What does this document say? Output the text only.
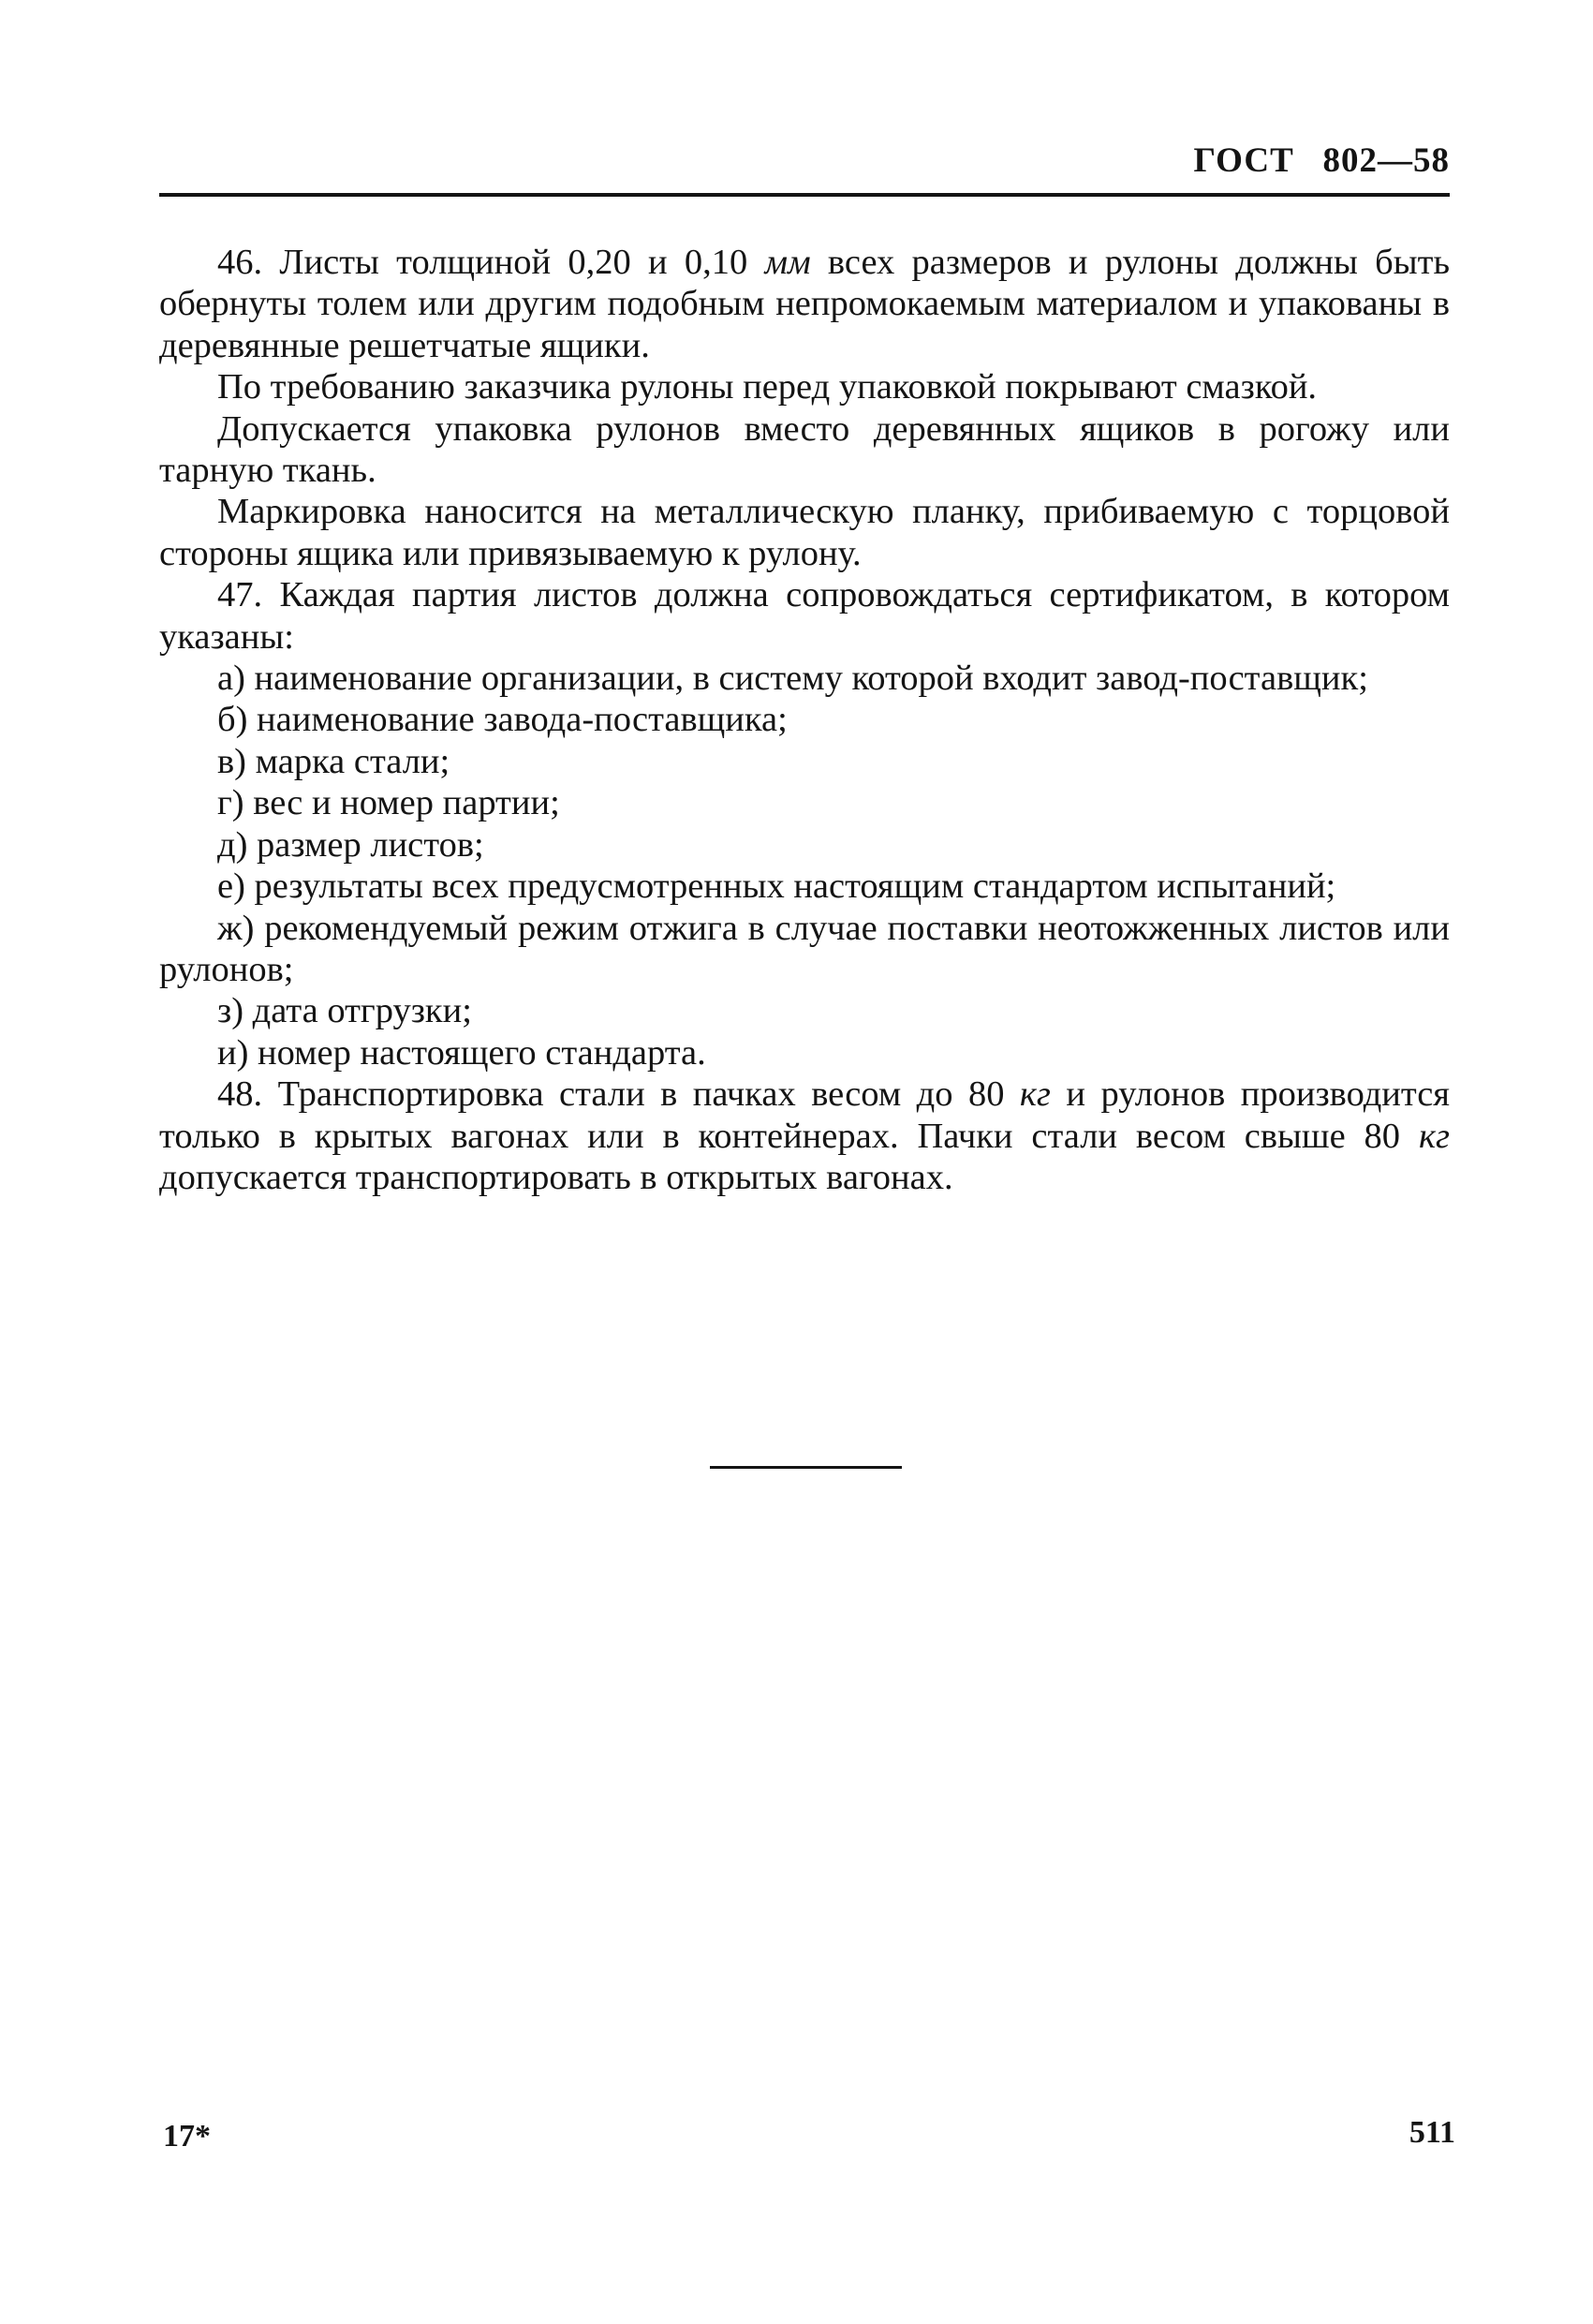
ГОСТ   802—58

46. Листы толщиной 0,20 и 0,10 мм всех размеров и рулоны должны быть обернуты толем или другим подобным непромокаемым материалом и упакованы в деревянные решетчатые ящики.

По требованию заказчика рулоны перед упаковкой покрывают смазкой.

Допускается упаковка рулонов вместо деревянных ящиков в рогожу или тарную ткань.

Маркировка наносится на металлическую планку, прибиваемую с торцовой стороны ящика или привязываемую к рулону.

47. Каждая партия листов должна сопровождаться сертификатом, в котором указаны:

а) наименование организации, в систему которой входит завод-поставщик;

б) наименование завода-поставщика;

в) марка стали;

г) вес и номер партии;

д) размер листов;

е) результаты всех предусмотренных настоящим стандартом испытаний;

ж) рекомендуемый режим отжига в случае поставки неотожженных листов или рулонов;

з) дата отгрузки;

и) номер настоящего стандарта.

48. Транспортировка стали в пачках весом до 80 кг и рулонов производится только в крытых вагонах или в контейнерах. Пачки стали весом свыше 80 кг допускается транспортировать в открытых вагонах.

17*	511
